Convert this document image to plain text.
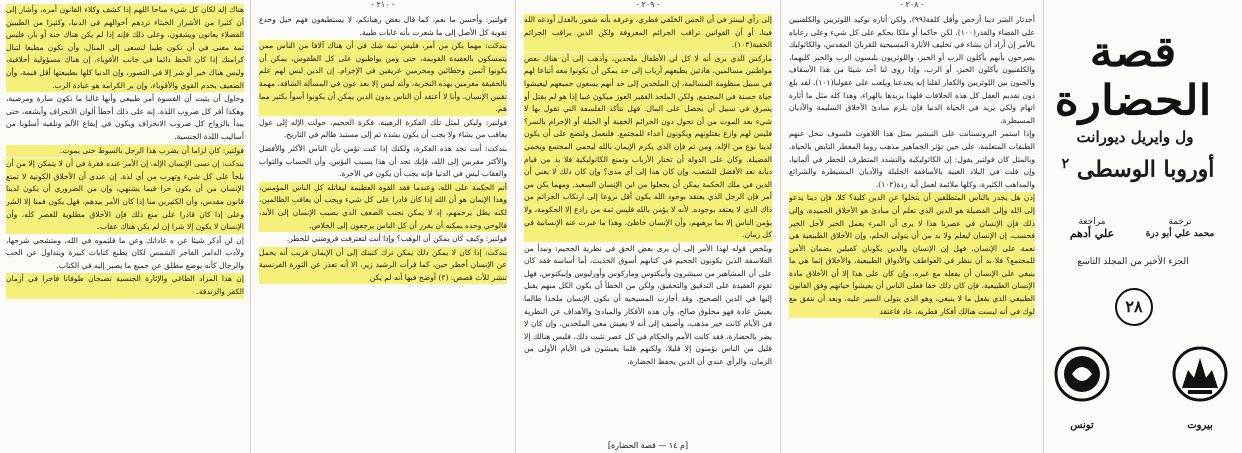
هناك إله لكان كل شيء مباحا اللهم إذا كشف وكلاء القانون أمره، وأشار إلى أن كثيرا من الأشرار الخبثاء تردهم أحوالهم في الدنيا، وكثيرا من الطيبين الفضلاء يعانون ويشقون، وعلى ذلك فإنه إذا لم يكن هناك جنة أو نار، فليس ثمة معنى في أن تكون طيبا لنسعى إلى المنال، وأن تكون مطيعا لتنال كرامتك إذا كان الحظ دائما في جانب الأقوياء. إن هناك مسؤولية أخلاقية، وليس هناك خير أو شر إلا في التصور، وإن الدنيا كلها بطبيعتها أقل قيمة، وأن الضعيف يخدم القوي والأقوياء، وإن بر الكرامة هو عبادة الرب.

وحاول أن يثبت أن القسوة أمر طبيعي وأنها غالبا ما تكون سارة ومرضية، وهكذا أقر كل ضروب اللذة. إنه على ذلك أخطأ ألوان الانحراف وأبشعه، حتى يبدأ بالزواج كل ضروب الانحراف ويكون في إيقاع الألم وتلقيه أسلوبا من أساليب اللذة الجنسية.

فولتير: كان لزاما أن يضرب هذا الرجل بالسوط حتى يموت.

بندكت: إن نسى الإنسان الإله. إن الأمر عنده فقرة في أن لا يتمكن إلا من أن يلجأ على كل شيء وتهرب من أي لذة. إن عندي أن الأخلاق الكونية لا تمنع الإنسان من أن يكون حرا فيما يشتهي، وإن من الضروري أن يكون لدينا قانون مقدس، وأن الكثيرين منا إذا كان الأمر بيدهم، فهل يكون فمنا إلا الشر وعلى إذا كان قادرا على منع ذلك فإن الأخلاق مطلوبة للعصر كله، وأن الإنسان لا يكون إلا شرا إن لم يكن هناك عقاب.

إن لن أذكر شيئا عن ه غاداتك وعن ما قلتموه في الله، ومتشجي شرحها، ولأدب الدامر الفاجر الشمس لكان يطبع كتابات كبيرة ويتداول عن الحب والرجال كأنه يوضع مطلق عن جميع ما يصير إليه في الكتاب.

إن هذا المزاد الطاغي والإثارة الجنسية تصبحان طوفانا فاجرا في أزمان الكفر والزندقة.

- ٢١٠ -

فولتير: وأحسن ما نعم، كما قال بعض رهبانكم، لا يستطيعون فهم حيل وخدع تقوية كل الأصل إلى ما شعرت بأنه غايات طيبة.

بندكت: مهما يكن من أمر، فليس ثمة شك في أن هناك آلافا من الناس ممن يتمسكون بالعقيدة القويمة، حتى ومن يواظبون على كل الطقوس، يمكن أن يكونوا آثمين وخطائين ومجرمين عريقين في الإجرام. إن الذين ليس لهم علم بالحقيقة مغرمين بهذه التجربة، وأنه ليس إلا بعد عون في المسألة الشاقة، مهمة تقنين الإنسان، وأنا لا أعتقد أن الناس بدون الدين يمكن أن يكونوا أسوأ بكثير مما هم.

فولتير: وليكن لمثل تلك الفكرة الرهيبة، فكرة الجحيم، حولت الإله إلى غول يعاقب من يشاء ولا يجب أن يكون بشدة ثم إلى مستبد ظالم في التاريخ.

بندكت: أنت تجد هذه الفكرة، ولكنك إذا كنت تؤمن بأن الناس الأكثر والأفضل والأكثر مقربين إلى الله، فإنك تجد أن هذا يسبب البؤس، وأن الحساب والثواب والعقاب ليس في الدنيا فإنه يجب أن يكون في الآخرة.

أتم الحكمة على الله، وعندما فقد القوة العظيمة ليقاتله كل الناس المؤمنين، وهذا الإيمان هو أن الله إذا كان قادرا على كل شيء ويجب أن يعاقب الظالمين، لكنه يظل يرحمهم، إذ لا يمكن تجنب الضعف الذي يصيب الإنسان إلى الأبد، فالوحي وحده يمكنه أن يقرر أن كل الناس يرجعون إلى الخلاص.

فولتير: وكيف كان يمكن أن الوهب؟ وإذا أنت لتعترفت فروضني للخطر.

بندكت: إذا كان لا يمكن دلك يمكن ترك كنيتك إلى أن الإيمان قريب أنه يحمل عن الإنسان أخطر حين، كما قرأت الرشيد زير، الا أنه تعذر عن الثورة الفرنسية تنشر للأث قصص. (٢) أوضح فيها أنه لم يكن

- ٢٠٩ -

إلى رأي ليبنتز في أن الحس الخلقي فطري، وعرفه بأنه شعور بالعدل أودعه الله فينا، أو أن القوانين تراقب الجرائم المعروفة ولكن الدين يراقب الجرائم الخفية(١٠٣).

ماركس الذي يرى أنه لا كل لي الأطفال ملحدين، وأذهب إلى أن هناك بعض مواطنين مسالمين، هادئين يطيعهم أرباب إلى حد يمكن أن يكونوا معه أتباعا لهم في سبيل منظومة المسالمة، إن الملحدين إلى حد أنهم يسعون جميعهم ليعيشوا حياة حسنة في المجتمع. ولكن الملحد الفقير العوز ميكون غبيا إذا هو لم يقتل أو يسرق في سبيل أن يحصل على المال. فهل تتأكد الفلسفة التي تقول بها لا شيء بعد الموت من أن تحول دون الجرائم الخفية أو الحيلة أو الإجرام بالسر؟ فليس لهم وازع يقتلونهم ويكونون أعداء للمجتمع. فلنعمل ولنضع على أن يكون لدينا نوع من الإله، ومن ثم فإن الذي يكرم الإيمان بالله ليحمي المجتمع ويحمي الفضيلة. وكان على الدولة أن تختار الأرباب وتمنع الكاثوليكية فلا بد من قيام ديانة تعد الأفضل للشعب، وإن كان هذا إلى أي مدى؟ وإن كان ذلك لا يعني أن الدين في ملك الحكمة يمكن أن يجعلوا من ابن الإنسان السعيد. ومهما يكن من أمر فإن الرجل الذي يعتقد بوجود الله يكون أقل نزوعا إلى ارتكاب الجرائم من ذاك الذي لا يعتقد بوجوده. لأنه لا يؤمن بالله فليس ثمة من رادع إلا الحكومة، ولا يؤمن الناس إلا بما يرهبهم، وأن الإنسان خاطئ، وهذا ما عبرت عنه الإنسانية في كل زمان.

ويلخص قوله لهذا الأمر إلى أن يرى بعض الحق في نظرية الجحيم: ونبدأ من الفلاسفة الذين يكونون الجحيم في كتابهم أسوق الحديث، أما أساسه فقد كان على أن المشاهير من سيشرون وأبيكتوس وماركوس وأورليوس وإبيكتوس، فهل تقوم العقيدة على التدقيق والتحقيق، ولكن من الخطأ أن يكون الكل منهم يقبل إليها في الدين الصحيح. وقد أجازت المسيحية أن يكون الإنسان ملحدا طالما يعيش عادة فهو مخلوق صالح، وأن هذه الأفكار والمبادئ والأهداف عن النظرية في الأيام كانت خير مذهب، وأضيف إلى أنه لا يعيش معي الملحدين، وإن كان لا يضر بالحضارة، فقد كانت الأمم والحكام في كل عصر تثبت ذلك، فليس هنالك إلا قليل من الناس يؤمنون إلا قليلا، ولكنهم قلما يعيشون في الأيام الأولى من الزمان، والرأي عندي أن الدين يحفظ الحضارة.

[م ١٤ — قصة الحضارة]
- ٢٠٨ -

أحدثار الشر دينا أرخص وأقل كلفة(٩٩). ولكن أثاره توكيد اللوثريين والكلفنيين على القضاء والقدر(١٠٠). لكن حاكما أو ملكا يحكم على كل شيء وعلى رعاياه بالأمر إن أراد أن يشاء في تخليف الأثارة المسيحية للقربان المقدس، والكاثوليك يصرحون بأنهم يأكلون الرب أو الخبز، واللوثريون يلبسون الرب والخبز كليهما، والكلفنيون يأكلون الخبز، أو الرب، وإذا روى لنا أحد شيئا من هذا الأسقاف والجنون بين اللوثريين والكفار لقلنا إنه يجدعنا ويلعب على عقولنا(١٠١). لقد بلغ دون تقديم العقل كل هذه الخلافات فلهذا يزيدها بالهراء، وهذا كله مثل ما أثاره اتهام ولكي يزيد في الحياة الدنيا فإن يلزم مبادئ الأخلاق السليمة والأديان المسيطرة.

وإذا استمر البروتستانت على التبشير بمثل هذا اللاهوت فلسوف تنحل عنهم الطبقات المتعلمة، على حين تؤثر الجماهير مذهب روما المعطر النابض بالحياة. وبالمثل كان فولتير يقول: إن الكاثوليكية والتشدد المتطرف للخطر في ألمانيا، وإن قلت في البلاد الغنية بالأساقفة الجليلة والأديان المسيطرة والشرائع والمذاهب الكثيرة، وكلها ملائمة لعمل أية ردة(١٠٢).

إذن هل يجدر بالناس المتطلعين أن يتخلوا عن الدين كلية؟ كلا، فإن دينا يدعو إلى الله وإلى الفضيلة هو الدين الذي تعلم أن مبادئ هو الأخلاق الحميدة، وإلى ذلك فإن الإنسان في عصرنا هذا لا يرى أن المرء يعمل الخير لأجل الخير فحسب، إن الإنسان ليعلم ولا بد من أن يتولى الحلم، وإن الأخلاق الطبيعية هي نعمة على الإنسان. فهل إن الإنسان والدين يكونان كفيلين بضمان الأمن للمجتمع؟ فلا بد أن ننظر في العواطف والأذواق الطبيعية، والأخلاق إنما هي ما ينبغي على الإنسان أن يفعله مع غيره، وإن كان على هذا إلا أن الأخلاق مادة الإنسان الطبيعية، فإن كان ذلك حقا فعلى الناس أن يعيشوا حياتهم وفق القانون الطبيعي الذي يفعل ما لا ينبغي، وهو الذي يتولى السير عليه. وبعد أن نتفق مع لوك في أنه ليست هنالك أفكار فطرية، عاد فاعتقد

قصة الحضارة
ول وايريل ديورانت
أوروبا الوسطى $^٢$
ترجمة
محمد علي أبو درة
مراجعة
علي أدهم
الجزء الأخير من المجلد التاسع
٢٨
بيروت
تونس
